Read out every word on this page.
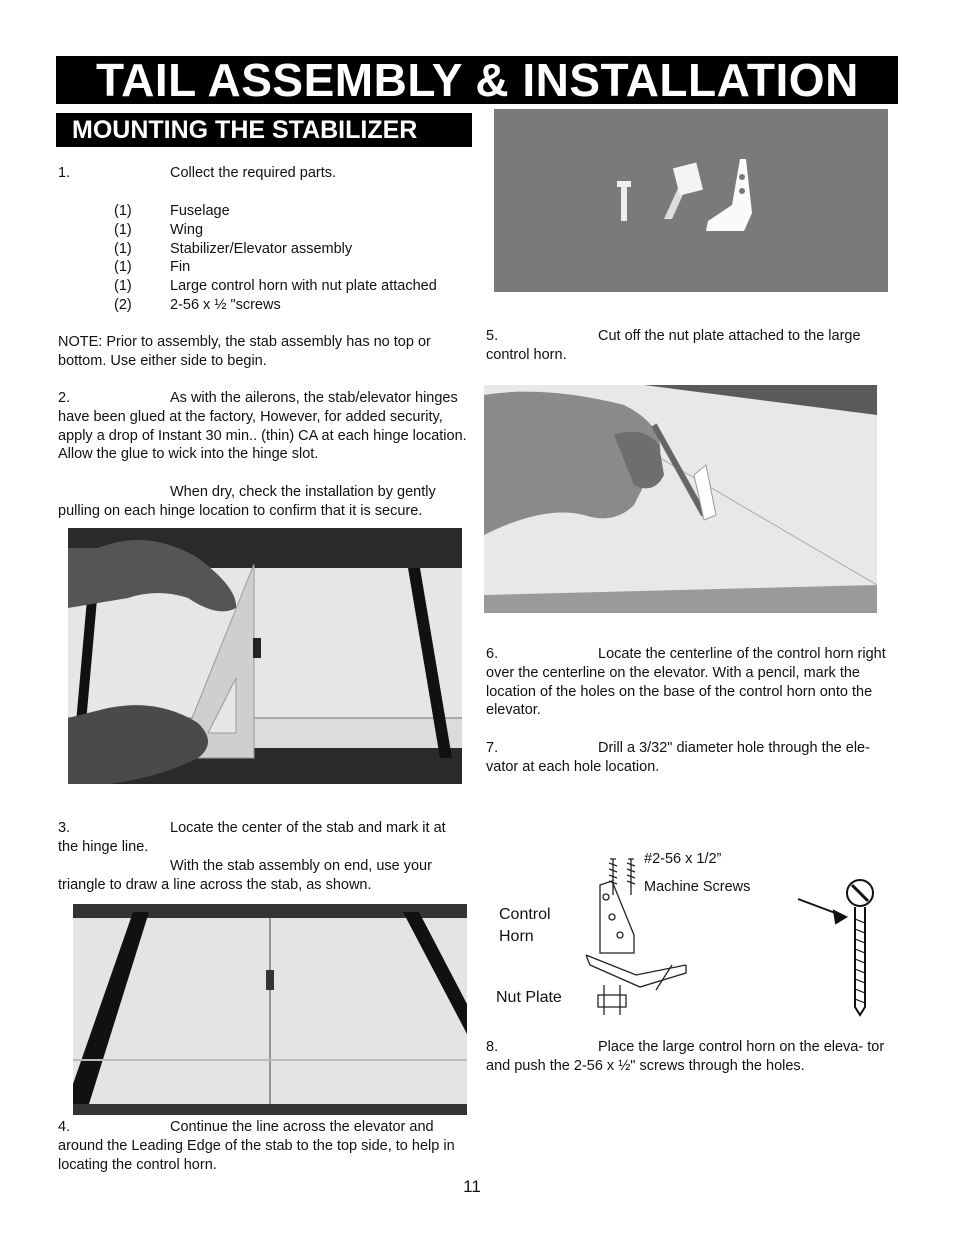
TAIL ASSEMBLY & INSTALLATION
MOUNTING THE STABILIZER
1.	Collect the required parts.
(1)	Fuselage
(1)	Wing
(1)	Stabilizer/Elevator assembly
(1)	Fin
(1)	Large control horn with nut plate attached
(2)	2-56 x ½ "screws
NOTE: Prior to assembly, the stab assembly has no top or bottom. Use either side to begin.
2.	As with the ailerons, the stab/elevator hinges have been glued at the factory, However, for added security, apply a drop of Instant 30 min.. (thin) CA at each hinge location. Allow the glue to wick into the hinge slot.
When dry, check the installation by gently pulling on each hinge location to confirm that it is secure.
3.	Locate the center of the stab and mark it at the hinge line.
With the stab assembly on end, use your triangle to draw a line across the stab, as shown.
4.	Continue the line across the elevator and around the Leading Edge of the stab to the top side, to help in locating the control horn.
5.	Cut off the nut plate attached to the large control horn.
6.	Locate the centerline of the control horn right over the centerline on the elevator. With a pencil, mark the location of the holes on the base of the control horn onto the elevator.
7.	Drill a 3/32" diameter hole through the ele- vator at each hole location.
#2-56 x 1/2”
Machine Screws
Control
Horn
Nut Plate
8.	Place the large control horn on the eleva- tor and push the 2-56 x ½" screws through the holes.
11
